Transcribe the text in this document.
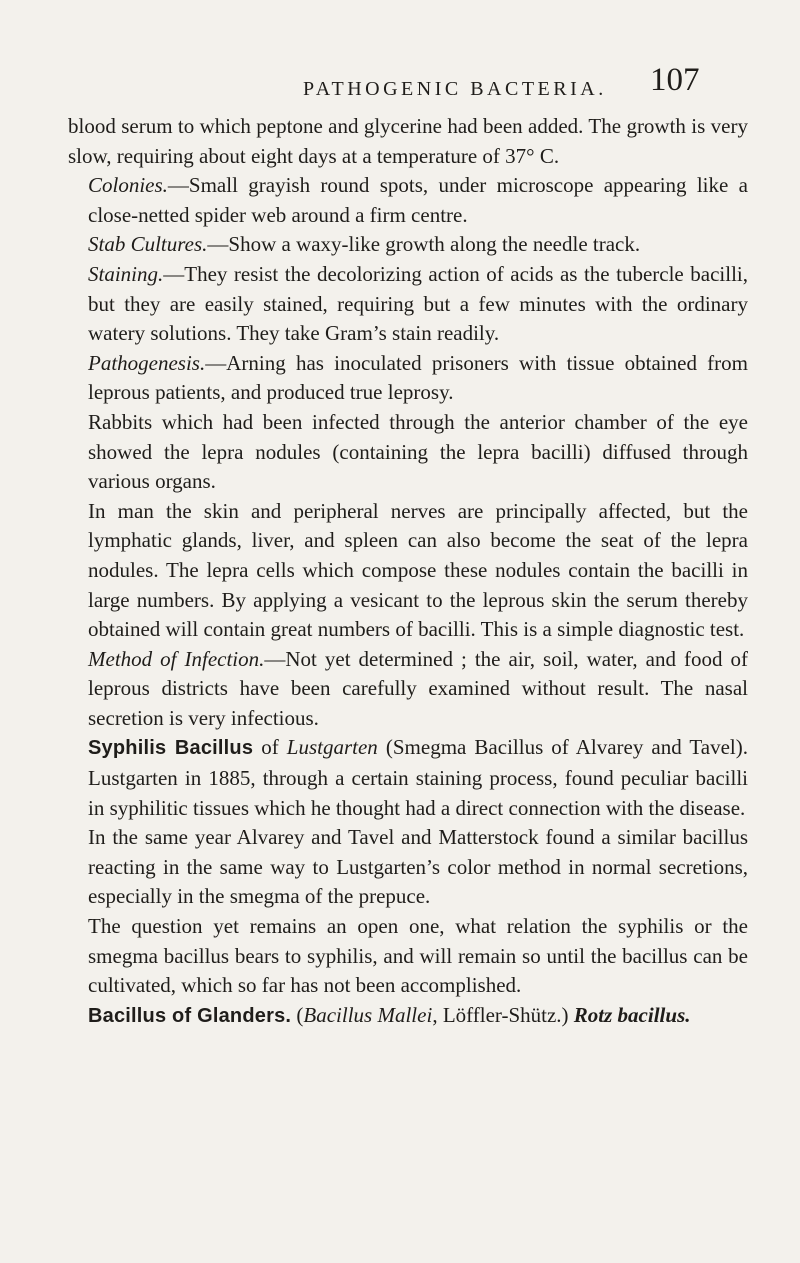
PATHOGENIC BACTERIA. 107

blood serum to which peptone and glycerine had been added. The growth is very slow, requiring about eight days at a temperature of 37° C.

Colonies.—Small grayish round spots, under microscope appearing like a close-netted spider web around a firm centre.

Stab Cultures.—Show a waxy-like growth along the needle track.

Staining.—They resist the decolorizing action of acids as the tubercle bacilli, but they are easily stained, requiring but a few minutes with the ordinary watery solutions. They take Gram’s stain readily.

Pathogenesis.—Arning has inoculated prisoners with tissue obtained from leprous patients, and produced true leprosy.

Rabbits which had been infected through the anterior chamber of the eye showed the lepra nodules (containing the lepra bacilli) diffused through various organs.

In man the skin and peripheral nerves are principally affected, but the lymphatic glands, liver, and spleen can also become the seat of the lepra nodules. The lepra cells which compose these nodules contain the bacilli in large numbers. By applying a vesicant to the leprous skin the serum thereby obtained will contain great numbers of bacilli. This is a simple diagnostic test.

Method of Infection.—Not yet determined ; the air, soil, water, and food of leprous districts have been carefully examined without result. The nasal secretion is very infectious.

Syphilis Bacillus of Lustgarten (Smegma Bacillus of Alvarey and Tavel). Lustgarten in 1885, through a certain staining process, found peculiar bacilli in syphilitic tissues which he thought had a direct connection with the disease.

In the same year Alvarey and Tavel and Matterstock found a similar bacillus reacting in the same way to Lustgarten’s color method in normal secretions, especially in the smegma of the prepuce.

The question yet remains an open one, what relation the syphilis or the smegma bacillus bears to syphilis, and will remain so until the bacillus can be cultivated, which so far has not been accomplished.

Bacillus of Glanders. (Bacillus Mallei, Löffler-Shütz.) Rotz bacillus.
